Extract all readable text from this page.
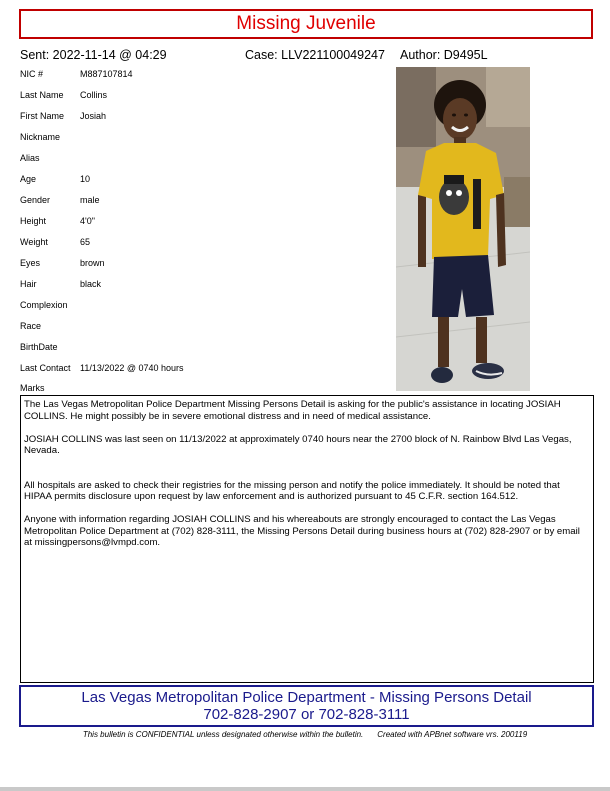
Missing Juvenile
Sent: 2022-11-14 @ 04:29	Case: LLV221100049247 Author: D9495L
NIC #	M887107814
Last Name Collins
First Name Josiah
Nickname
Alias
Age	10
Gender	male
Height	4'0"
Weight	65
Eyes	brown
Hair	black
Complexion
Race
BirthDate
Last Contact 11/13/2022 @ 0740 hours
Marks

The Las Vegas Metropolitan Police Department Missing Persons Detail is asking for the public's assistance in locating JOSIAH COLLINS. He might possibly be in severe emotional distress and in need of medical assistance.

JOSIAH COLLINS was last seen on 11/13/2022 at approximately 0740 hours near the 2700 block of N. Rainbow Blvd Las Vegas, Nevada.

All hospitals are asked to check their registries for the missing person and notify the police immediately. It should be noted that HIPAA permits disclosure upon request by law enforcement and is authorized pursuant to 45 C.F.R. section 164.512.

Anyone with information regarding JOSIAH COLLINS and his whereabouts are strongly encouraged to contact the Las Vegas Metropolitan Police Department at (702) 828-3111, the Missing Persons Detail during business hours at (702) 828-2907 or by email at missingpersons@lvmpd.com.

Las Vegas Metropolitan Police Department - Missing Persons Detail
702-828-2907 or 702-828-3111
This bulletin is CONFIDENTIAL unless designated otherwise within the bulletin. Created with APBnet software vrs. 200119
